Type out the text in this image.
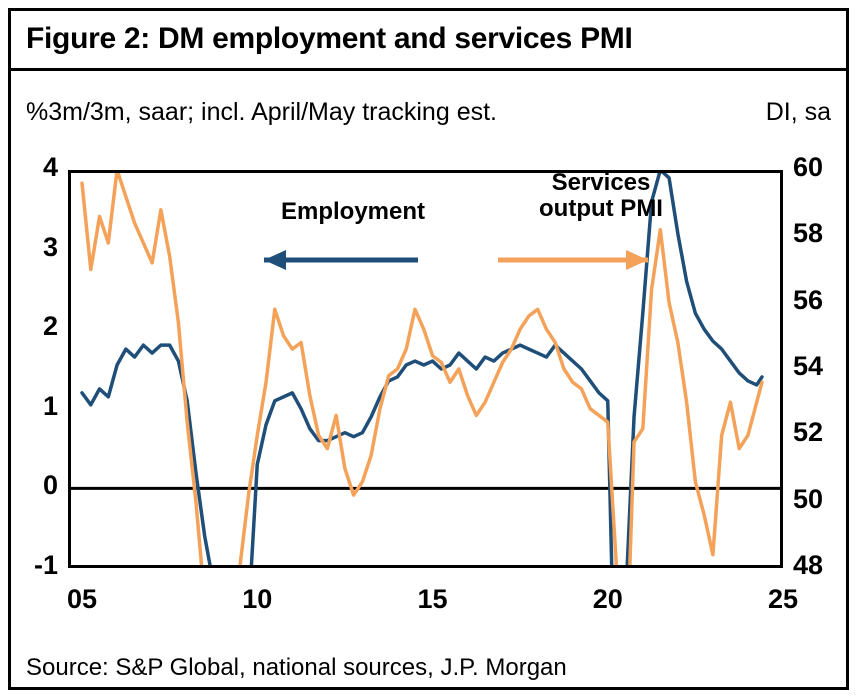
Figure 2: DM employment and services PMI
%3m/3m, saar; incl. April/May tracking est.	DI, sa
Employment
Services
output PMI
4
3
2
1
0
-1
60
58
56
54
52
50
48
05	10	15	20	25
Source: S&P Global, national sources, J.P. Morgan
